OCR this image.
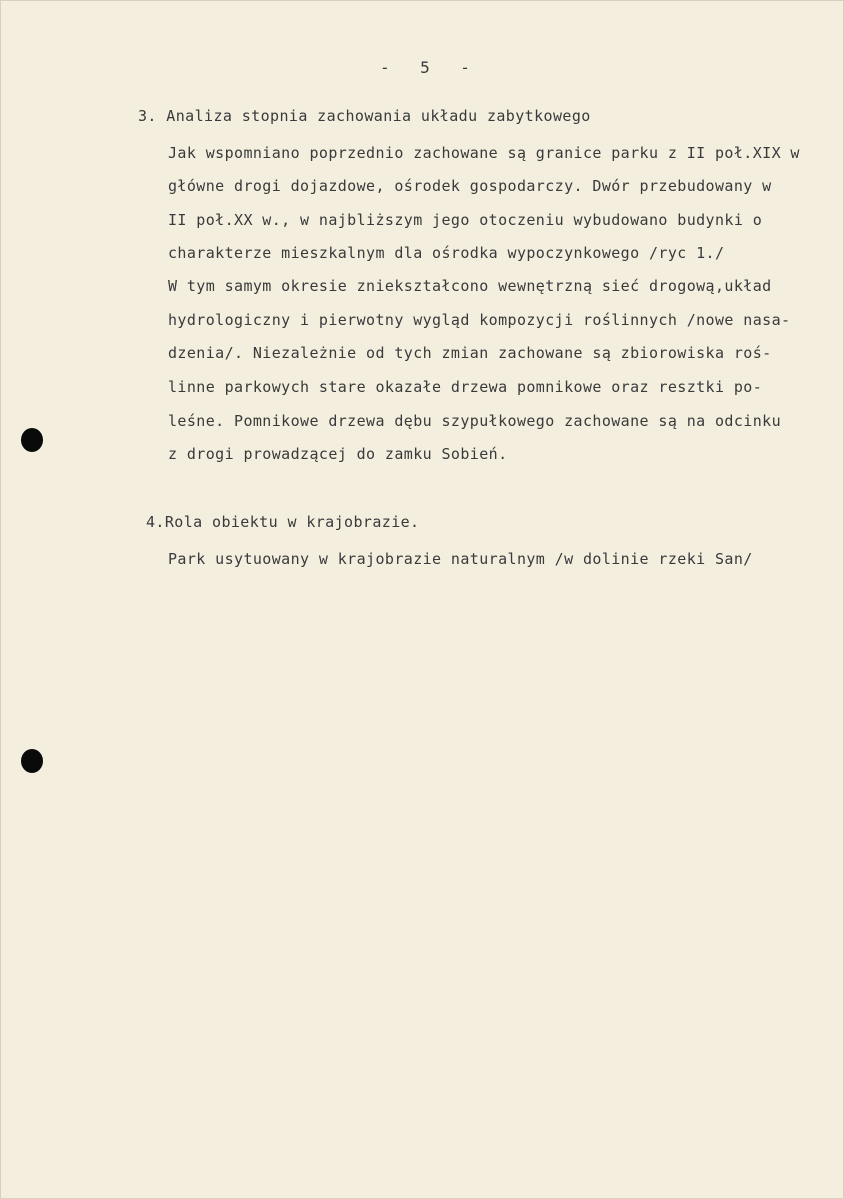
-   5   -
3. Analiza stopnia zachowania układu zabytkowego
Jak wspomniano poprzednio zachowane są granice parku z II poł.XIX w
główne drogi dojazdowe, ośrodek gospodarczy. Dwór przebudowany w
II poł.XX w., w najbliższym jego otoczeniu wybudowano budynki o
charakterze mieszkalnym dla ośrodka wypoczynkowego /ryc 1./
W tym samym okresie zniekształcono wewnętrzną sieć drogową,układ
hydrologiczny i pierwotny wygląd kompozycji roślinnych /nowe nasa-
dzenia/. Niezależnie od tych zmian zachowane są zbiorowiska roś-
linne parkowych stare okazałe drzewa pomnikowe oraz resztki po-
leśne. Pomnikowe drzewa dębu szypułkowego zachowane są na odcinku
z drogi prowadzącej do zamku Sobień.
4.Rola obiektu w krajobrazie.
Park usytuowany w krajobrazie naturalnym /w dolinie rzeki San/
